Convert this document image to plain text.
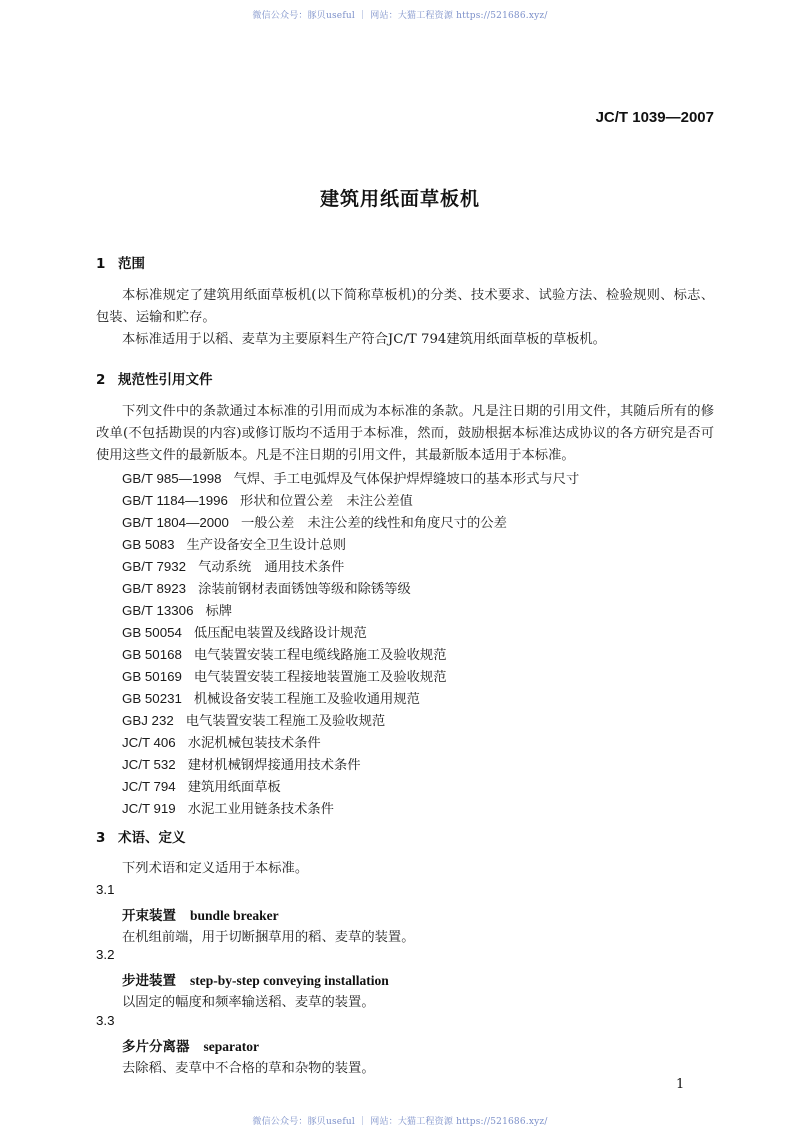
微信公众号：豚贝useful ｜ 网站：大猫工程资源 https://521686.xyz/
JC/T 1039—2007
建筑用纸面草板机
1 范围
本标准规定了建筑用纸面草板机(以下简称草板机)的分类、技术要求、试验方法、检验规则、标志、包装、运输和贮存。
本标准适用于以稻、麦草为主要原料生产符合JC/T 794建筑用纸面草板的草板机。
2 规范性引用文件
下列文件中的条款通过本标准的引用而成为本标准的条款。凡是注日期的引用文件，其随后所有的修改单(不包括勘误的内容)或修订版均不适用于本标准，然而，鼓励根据本标准达成协议的各方研究是否可使用这些文件的最新版本。凡是不注日期的引用文件，其最新版本适用于本标准。
GB/T 985—1998 气焊、手工电弧焊及气体保护焊焊缝坡口的基本形式与尺寸
GB/T 1184—1996 形状和位置公差　未注公差值
GB/T 1804—2000 一般公差　未注公差的线性和角度尺寸的公差
GB 5083 生产设备安全卫生设计总则
GB/T 7932 气动系统　通用技术条件
GB/T 8923 涂装前钢材表面锈蚀等级和除锈等级
GB/T 13306 标牌
GB 50054 低压配电装置及线路设计规范
GB 50168 电气装置安装工程电缆线路施工及验收规范
GB 50169 电气装置安装工程接地装置施工及验收规范
GB 50231 机械设备安装工程施工及验收通用规范
GBJ 232 电气装置安装工程施工及验收规范
JC/T 406 水泥机械包装技术条件
JC/T 532 建材机械钢焊接通用技术条件
JC/T 794 建筑用纸面草板
JC/T 919 水泥工业用链条技术条件
3 术语、定义
下列术语和定义适用于本标准。
3.1
开束装置 bundle breaker
在机组前端，用于切断捆草用的稻、麦草的装置。
3.2
步进装置 step-by-step conveying installation
以固定的幅度和频率输送稻、麦草的装置。
3.3
多片分离器 separator
去除稻、麦草中不合格的草和杂物的装置。
1
微信公众号：豚贝useful ｜ 网站：大猫工程资源 https://521686.xyz/
